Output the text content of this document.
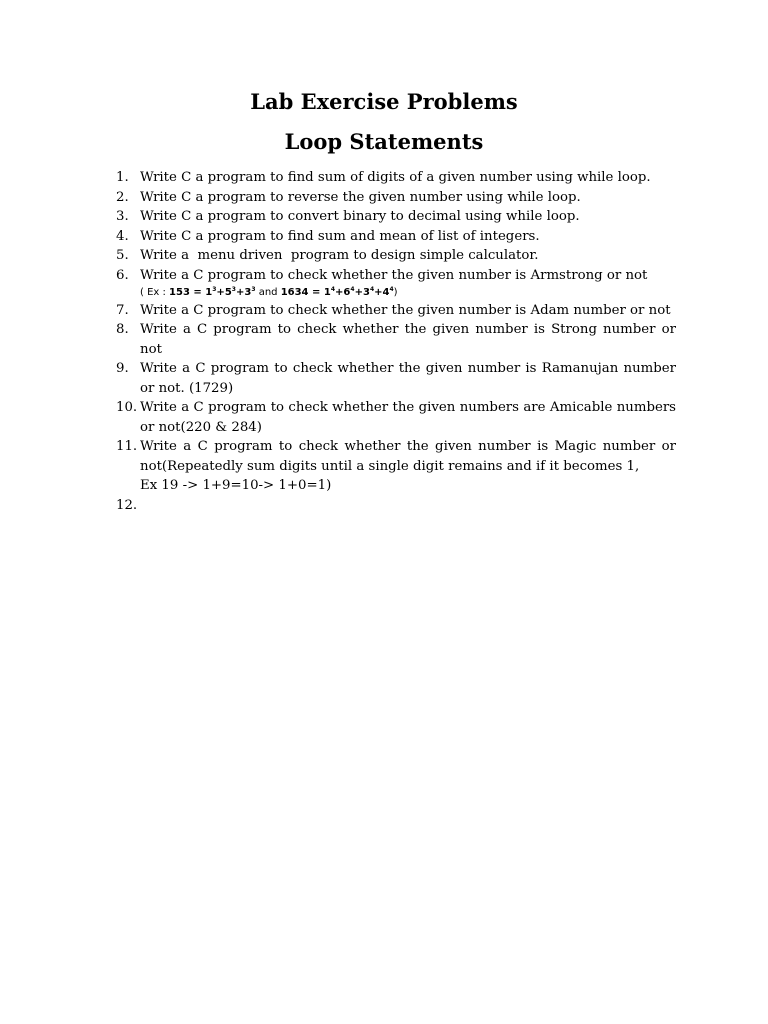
Lab Exercise Problems
Loop Statements
1. Write C a program to find sum of digits of a given number using while loop.
2. Write C a program to reverse the given number using while loop.
3. Write C a program to convert binary to decimal using while loop.
4. Write C a program to find sum and mean of list of integers.
5. Write a  menu driven  program to design simple calculator.
6. Write a C program to check whether the given number is Armstrong or not
( Ex : $153 = 1^3+5^3+3^3$ and $1634 = 1^4+6^4+3^4+4^4$)
7. Write a C program to check whether the given number is Adam number or not
8. Write a C program to check whether the given number is Strong number or not
9. Write a C program to check whether the given number is Ramanujan number or not. (1729)
10. Write a C program to check whether the given numbers are Amicable numbers or not(220 & 284)
11. Write a C program to check whether the given number is Magic number or not(Repeatedly sum digits until a single digit remains and if it becomes 1,
Ex 19 -> 1+9=10-> 1+0=1)
12.
